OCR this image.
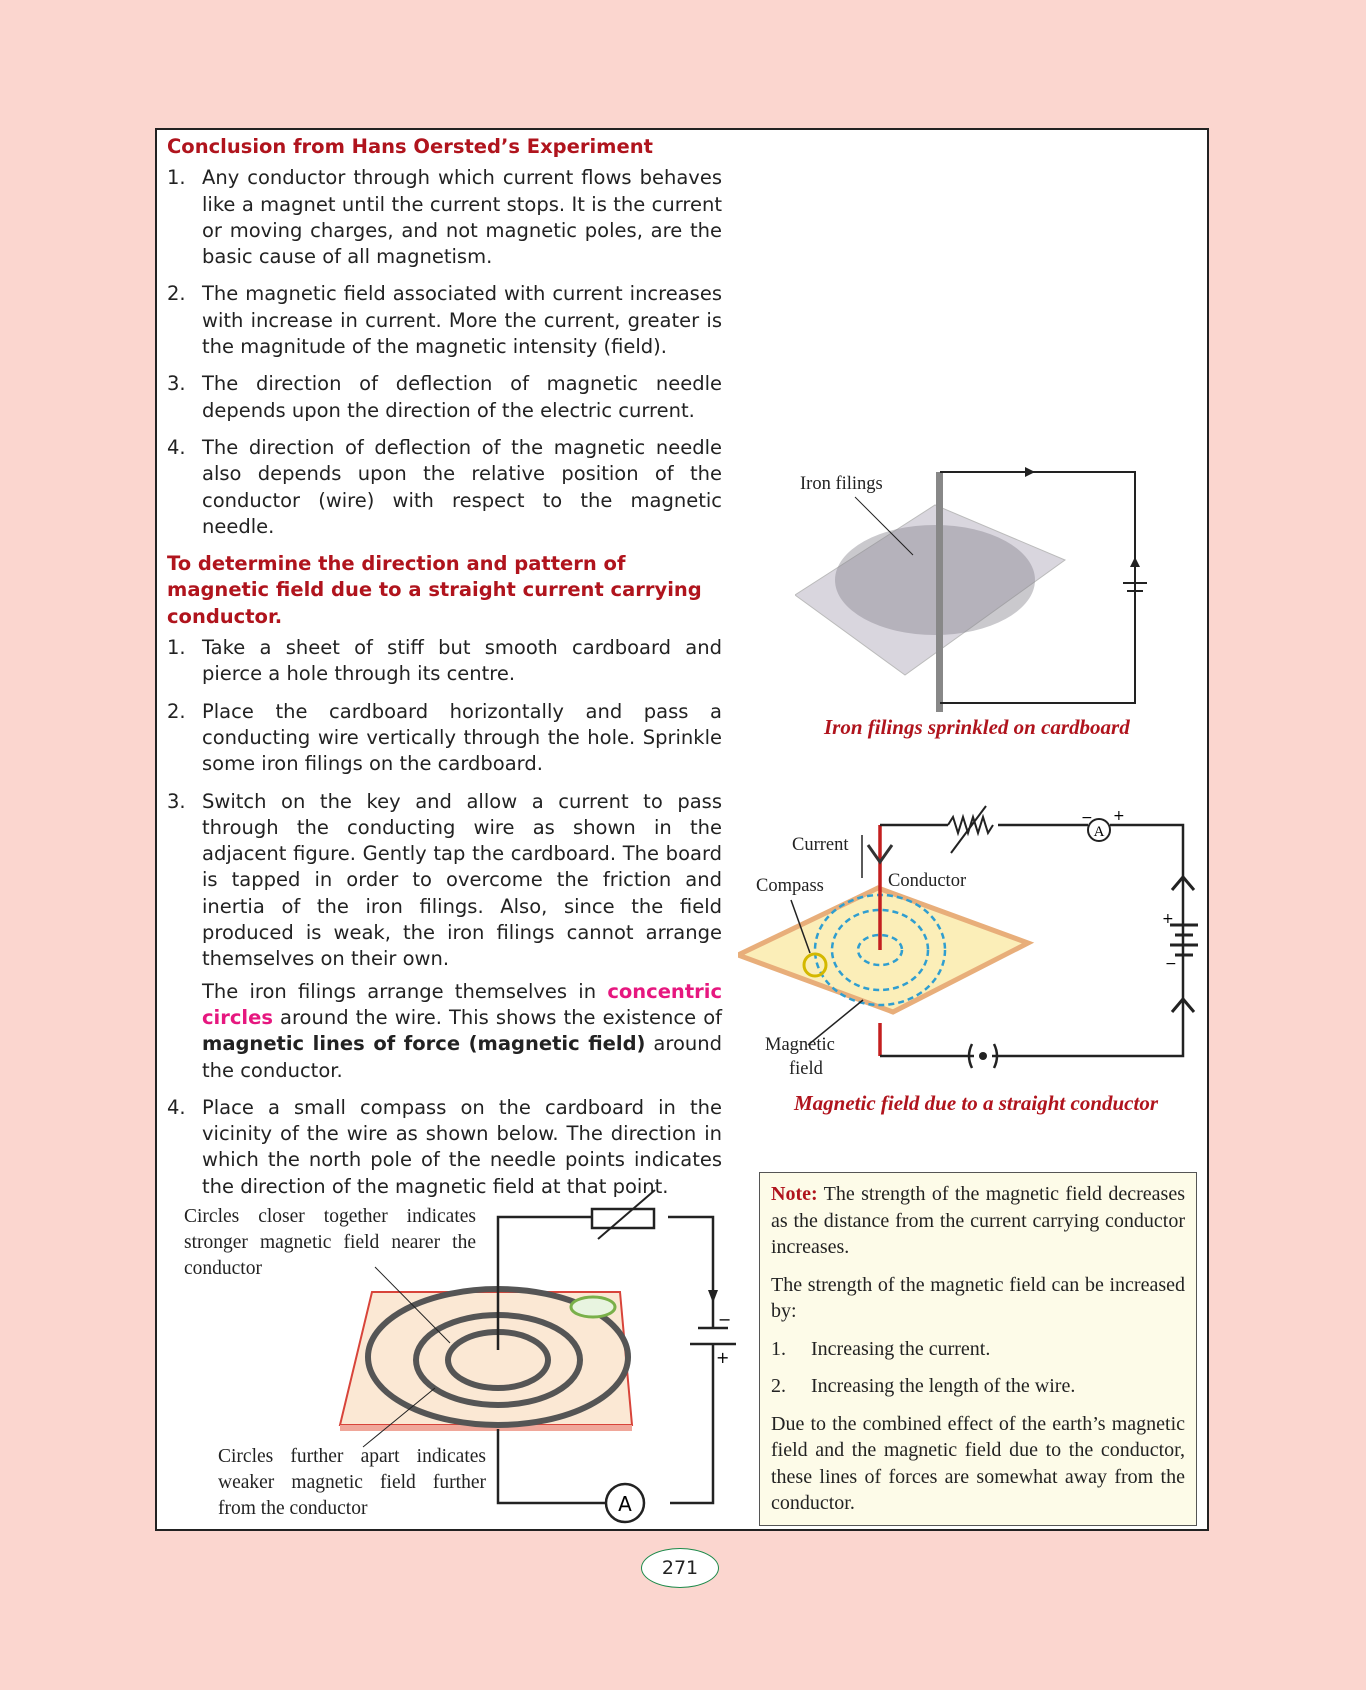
Conclusion from Hans Oersted’s Experiment
1. Any conductor through which current flows behaves like a magnet until the current stops. It is the current or moving charges, and not magnetic poles, are the basic cause of all magnetism.
2. The magnetic field associated with current increases with increase in current. More the current, greater is the magnitude of the magnetic intensity (field).
3. The direction of deflection of magnetic needle depends upon the direction of the electric current.
4. The direction of deflection of the magnetic needle also depends upon the relative position of the conductor (wire) with respect to the magnetic needle.
To determine the direction and pattern of magnetic field due to a straight current carrying conductor.
1. Take a sheet of stiff but smooth cardboard and pierce a hole through its centre.
2. Place the cardboard horizontally and pass a conducting wire vertically through the hole. Sprinkle some iron filings on the cardboard.
3. Switch on the key and allow a current to pass through the conducting wire as shown in the adjacent figure. Gently tap the cardboard. The board is tapped in order to overcome the friction and inertia of the iron filings. Also, since the field produced is weak, the iron filings cannot arrange themselves on their own.
The iron filings arrange themselves in concentric circles around the wire. This shows the existence of magnetic lines of force (magnetic field) around the conductor.
4. Place a small compass on the cardboard in the vicinity of the wire as shown below. The direction in which the north pole of the needle points indicates the direction of the magnetic field at that point.
Iron filings
Iron filings sprinkled on cardboard
A
− +
+
−
Current
Compass	Conductor
Magnetic
field
Magnetic field due to a straight conductor
−
+
A
Circles closer together indicates stronger magnetic field nearer the conductor
Circles further apart indicates weaker magnetic field further from the conductor

Note: The strength of the magnetic field decreases as the distance from the current carrying conductor increases.

The strength of the magnetic field can be increased by:

1.	Increasing the current.
2.	Increasing the length of the wire.

Due to the combined effect of the earth’s magnetic field and the magnetic field due to the conductor, these lines of forces are somewhat away from the conductor.

271
